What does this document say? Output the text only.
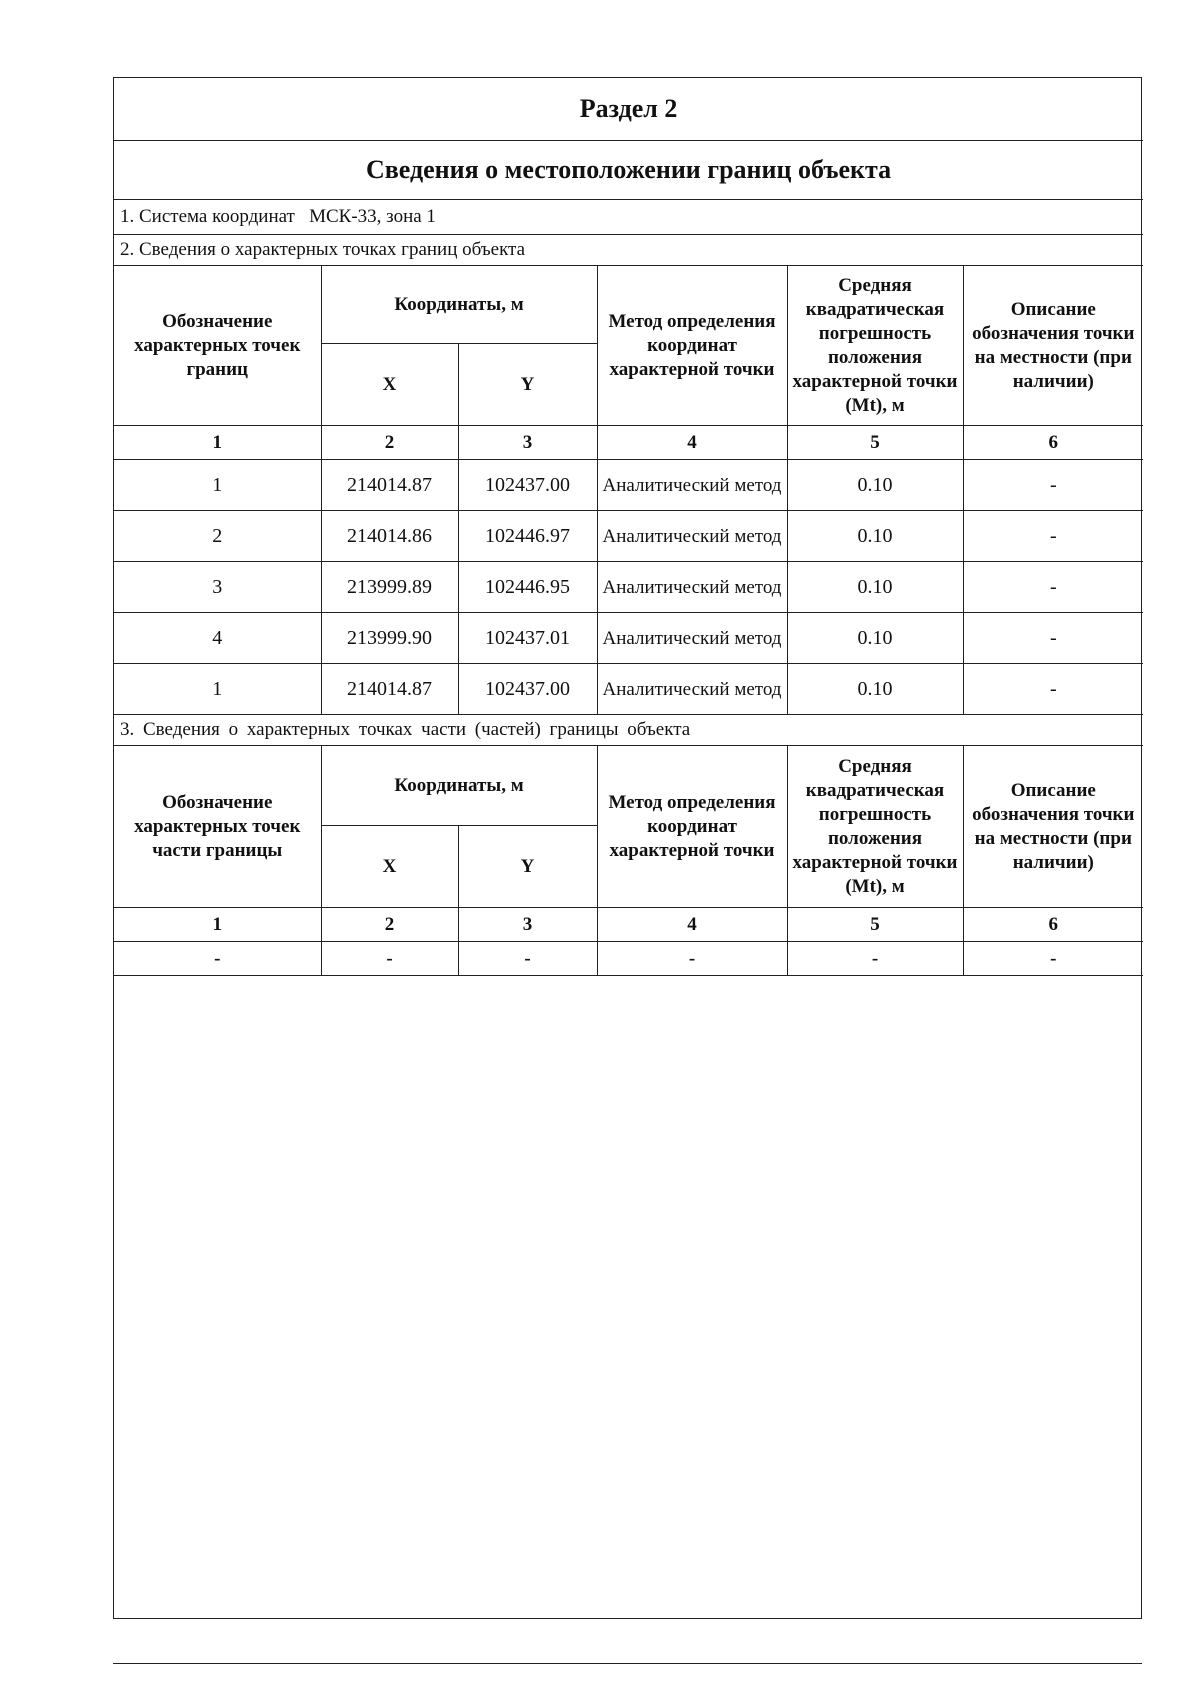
Раздел 2					
Сведения о местоположении границ объекта					
1. Система координат МСК-33, зона 1					
2. Сведения о характерных точках границ объекта					
Обозначение характерных точек границ	Координаты, м		Метод определения координат характерной точки	Средняя квадратическая погрешность положения характерной точки (Mt), м	Описание обозначения точки на местности (при наличии)
	X	Y			
1	2	3	4	5	6
1	214014.87	102437.00	Аналитический метод	0.10	-
2	214014.86	102446.97	Аналитический метод	0.10	-
3	213999.89	102446.95	Аналитический метод	0.10	-
4	213999.90	102437.01	Аналитический метод	0.10	-
1	214014.87	102437.00	Аналитический метод	0.10	-
3. Сведения о характерных точках части (частей) границы объекта					
Обозначение характерных точек части границы	Координаты, м		Метод определения координат характерной точки	Средняя квадратическая погрешность положения характерной точки (Mt), м	Описание обозначения точки на местности (при наличии)
	X	Y			
1	2	3	4	5	6
-	-	-	-	-	-
